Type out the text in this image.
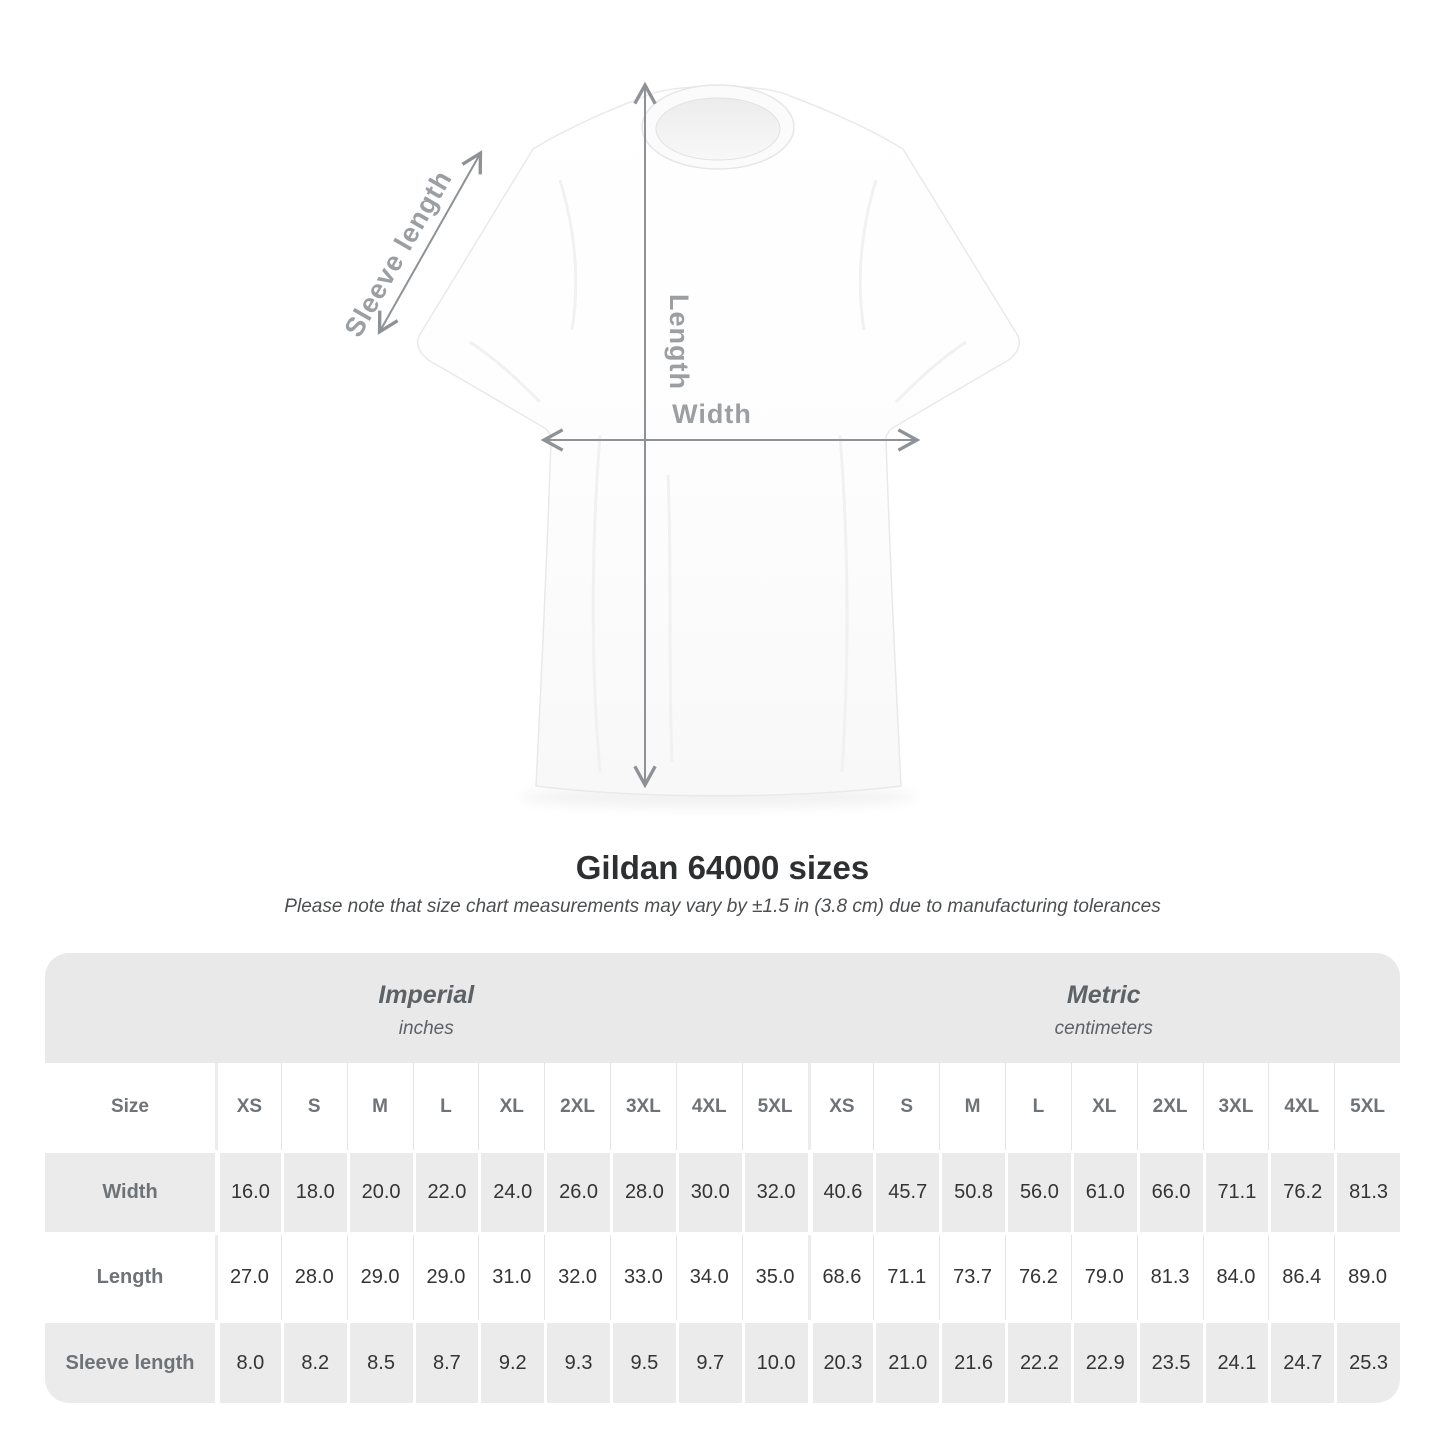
Sleeve length	Length
Width
Gildan 64000 sizes
Please note that size chart measurements may vary by ±1.5 in (3.8 cm) due to manufacturing tolerances
Imperial
inches
Metric
centimeters
Size	XS	S	M	L	XL	2XL	3XL	4XL	5XL	XS	S	M	L	XL	2XL	3XL	4XL	5XL
Width	16.0	18.0	20.0	22.0	24.0	26.0	28.0	30.0	32.0	40.6	45.7	50.8	56.0	61.0	66.0	71.1	76.2	81.3
Length	27.0	28.0	29.0	29.0	31.0	32.0	33.0	34.0	35.0	68.6	71.1	73.7	76.2	79.0	81.3	84.0	86.4	89.0
Sleeve length	8.0	8.2	8.5	8.7	9.2	9.3	9.5	9.7	10.0	20.3	21.0	21.6	22.2	22.9	23.5	24.1	24.7	25.3
